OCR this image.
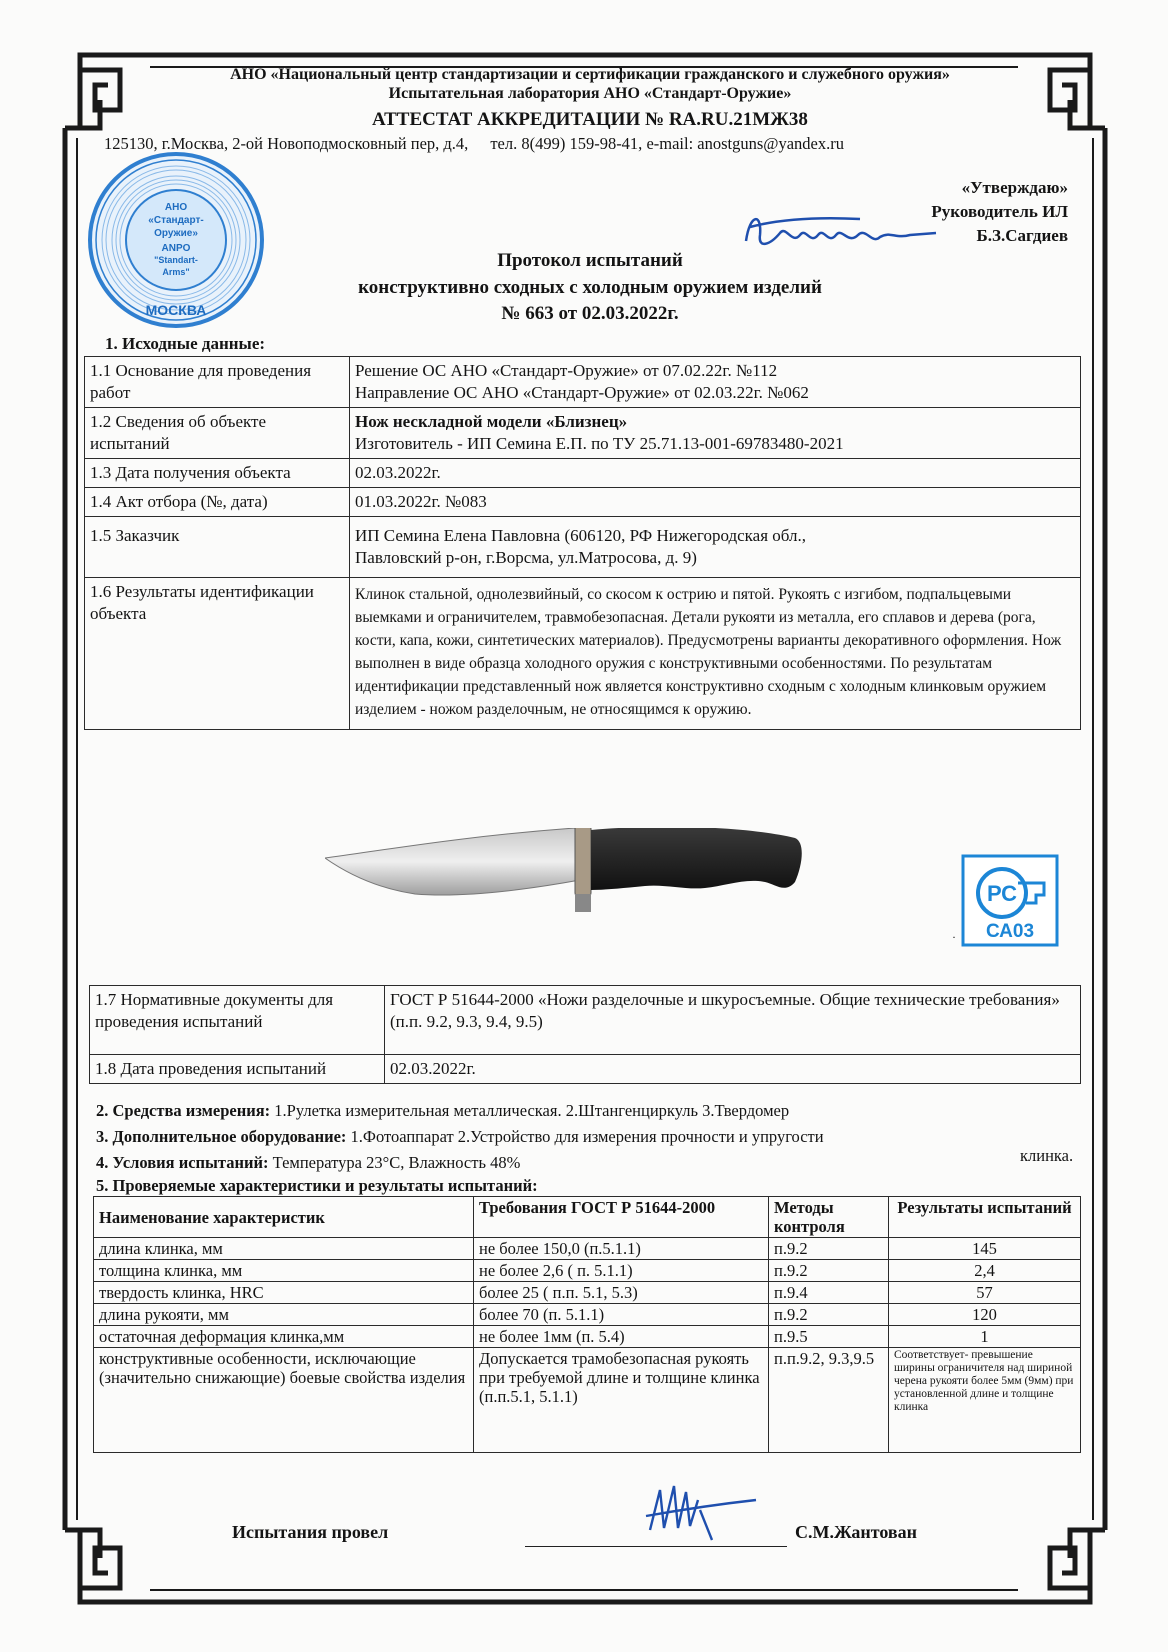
АНО «Национальный центр стандартизации и сертификации гражданского и служебного оружия»
Испытательная лаборатория АНО «Стандарт-Оружие»
АТТЕСТАТ АККРЕДИТАЦИИ № RA.RU.21МЖ38
125130, г.Москва, 2-ой Новоподмосковный пер, д.4, тел. 8(499) 159-98-41, e-mail: anostguns@yandex.ru
АНО
«Стандарт-
Оружие»
ANPO
"Standart-
Arms"
МОСКВА
«Утверждаю»
Руководитель ИЛ
Б.З.Сагдиев
Протокол испытаний
конструктивно сходных с холодным оружием изделий
№ 663 от 02.03.2022г.
1. Исходные данные:
1.1 Основание для проведения работ	Решение ОС АНО «Стандарт-Оружие» от 07.02.22г. №112
Направление ОС АНО «Стандарт-Оружие» от 02.03.22г. №062

1.2 Сведения об объекте испытаний	Нож нескладной модели «Близнец»
Изготовитель - ИП Семина Е.П. по ТУ 25.71.13-001-69783480-2021

1.3 Дата получения объекта	02.03.2022г.

1.4 Акт отбора (№, дата)	01.03.2022г. №083

1.5 Заказчик	ИП Семина Елена Павловна (606120, РФ Нижегородская обл.,
Павловский р-он, г.Ворсма, ул.Матросова, д. 9)

1.6 Результаты идентификации объекта	Клинок стальной, однолезвийный, со скосом к острию и пятой. Рукоять с изгибом, подпальцевыми выемками и ограничителем, травмобезопасная. Детали рукояти из металла, его сплавов и дерева (рога, кости, капа, кожи, синтетических материалов). Предусмотрены варианты декоративного оформления. Нож выполнен в виде образца холодного оружия с конструктивными особенностями. По результатам идентификации представленный нож является конструктивно сходным с холодным клинковым оружием изделием - ножом разделочным, не относящимся к оружию.
РС
СА03
·
1.7 Нормативные документы для проведения испытаний	ГОСТ Р 51644-2000 «Ножи разделочные и шкуросъемные. Общие технические требования» (п.п. 9.2, 9.3, 9.4, 9.5)
1.8 Дата проведения испытаний	02.03.2022г.
2. Средства измерения: 1.Рулетка измерительная металлическая. 2.Штангенциркуль 3.Твердомер
3. Дополнительное оборудование: 1.Фотоаппарат 2.Устройство для измерения прочности и упругости
клинка.
4. Условия испытаний: Температура 23°С, Влажность 48%
5. Проверяемые характеристики и результаты испытаний:
Наименование характеристик	Требования ГОСТ Р 51644-2000	Методы контроля	Результаты испытаний
длина клинка, мм	не более 150,0 (п.5.1.1)	п.9.2	145
толщина клинка, мм	не более 2,6 ( п. 5.1.1)	п.9.2	2,4
твердость клинка, HRC	более 25 ( п.п. 5.1, 5.3)	п.9.4	57
длина рукояти, мм	более 70 (п. 5.1.1)	п.9.2	120
остаточная деформация клинка,мм	не более 1мм (п. 5.4)	п.9.5	1
конструктивные особенности, исключающие (значительно снижающие) боевые свойства изделия	Допускается трамобезопасная рукоять при требуемой длине и толщине клинка (п.п.5.1, 5.1.1)	п.п.9.2, 9.3,9.5	Соответствует- превышение ширины ограничителя над шириной черена рукояти более 5мм (9мм) при установленной длине и толщине клинка
Испытания провел	С.М.Жантован
